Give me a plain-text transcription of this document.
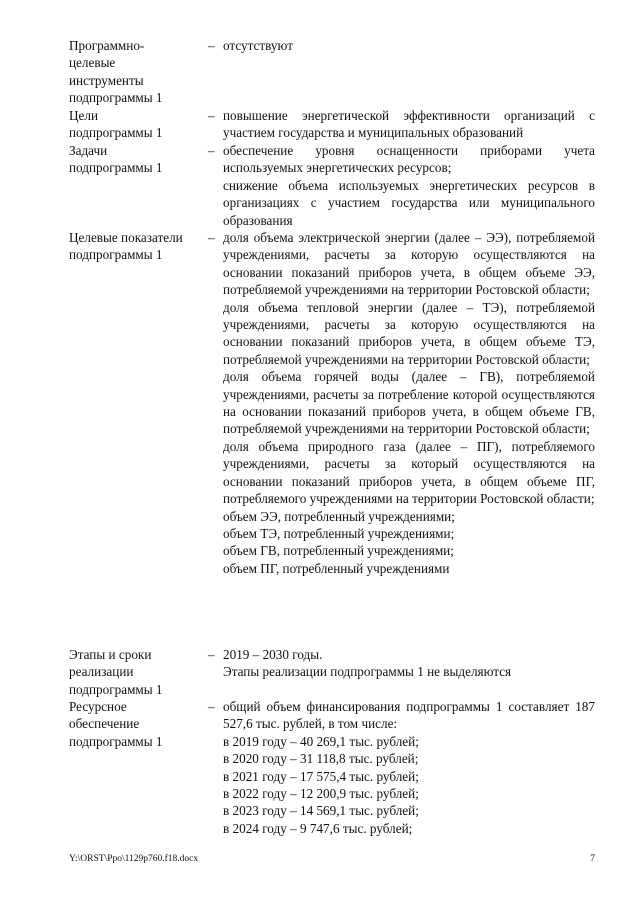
Программно-
целевые
инструменты
подпрограммы 1
– отсутствуют

Цели
подпрограммы 1
– повышение энергетической эффективности организаций с участием государства и муниципальных образований

Задачи
подпрограммы 1
– обеспечение уровня оснащенности приборами учета используемых энергетических ресурсов;

снижение объема используемых энергетических ресурсов в организациях с участием государства или муниципального образования

Целевые показатели
подпрограммы 1
– доля объема электрической энергии (далее – ЭЭ), потребляемой учреждениями, расчеты за которую осуществляются на основании показаний приборов учета, в общем объеме ЭЭ, потребляемой учреждениями на территории Ростовской области;

доля объема тепловой энергии (далее – ТЭ), потребляемой учреждениями, расчеты за которую осуществляются на основании показаний приборов учета, в общем объеме ТЭ, потребляемой учреждениями на территории Ростовской области;

доля объема горячей воды (далее – ГВ), потребляемой учреждениями, расчеты за потребление которой осуществляются на основании показаний приборов учета, в общем объеме ГВ, потребляемой учреждениями на территории Ростовской области;

доля объема природного газа (далее – ПГ), потребляемого учреждениями, расчеты за который осуществляются на основании показаний приборов учета, в общем объеме ПГ, потребляемого учреждениями на территории Ростовской области;

объем ЭЭ, потребленный учреждениями;

объем ТЭ, потребленный учреждениями;

объем ГВ, потребленный учреждениями;

объем ПГ, потребленный учреждениями

Этапы и сроки
реализации
подпрограммы 1
– 2019 – 2030 годы.

Этапы реализации подпрограммы 1 не выделяются

Ресурсное
обеспечение
подпрограммы 1
– общий объем финансирования подпрограммы 1 составляет 187 527,6 тыс. рублей, в том числе:

в 2019 году – 40 269,1 тыс. рублей;

в 2020 году – 31 118,8 тыс. рублей;

в 2021 году – 17 575,4 тыс. рублей;

в 2022 году – 12 200,9 тыс. рублей;

в 2023 году – 14 569,1 тыс. рублей;

в 2024 году – 9 747,6 тыс. рублей;

Y:\ORST\Ppo\1129p760.f18.docx	7
